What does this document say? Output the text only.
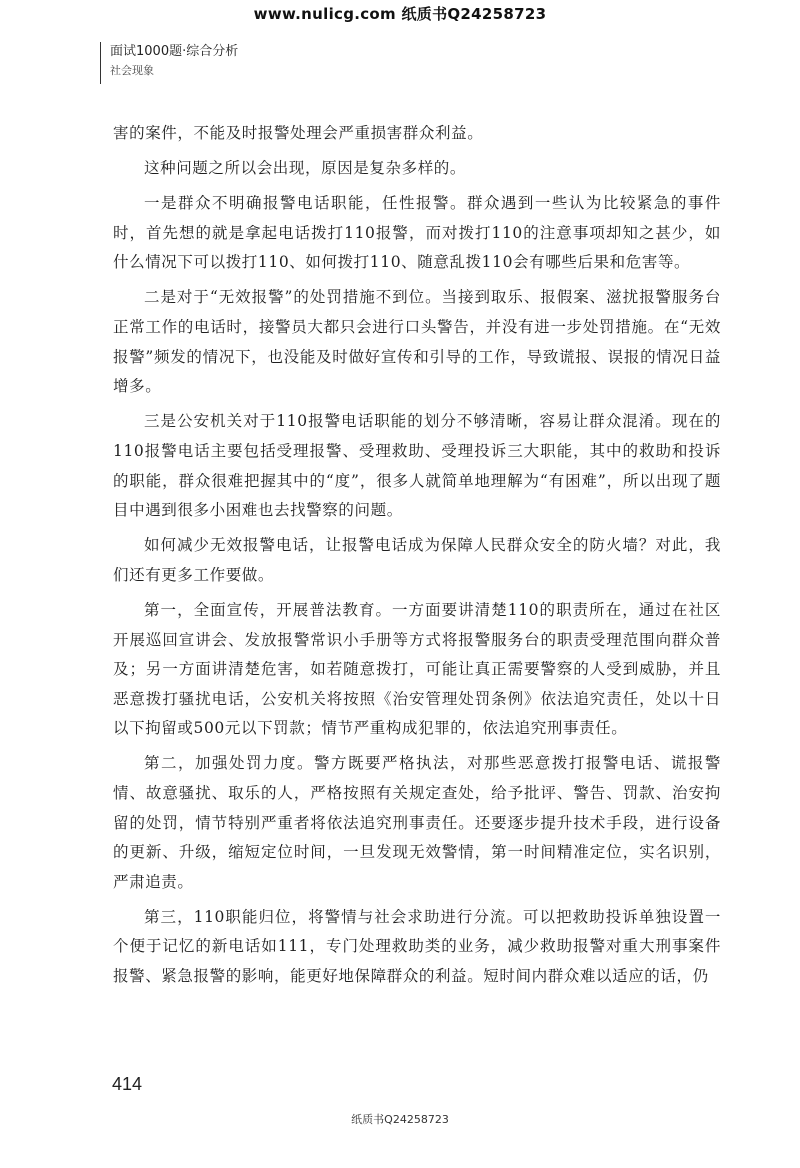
www.nulicg.com 纸质书Q24258723
面试1000题·综合分析
社会现象

害的案件，不能及时报警处理会严重损害群众利益。

这种问题之所以会出现，原因是复杂多样的。

一是群众不明确报警电话职能，任性报警。群众遇到一些认为比较紧急的事件时，首先想的就是拿起电话拨打110报警，而对拨打110的注意事项却知之甚少，如什么情况下可以拨打110、如何拨打110、随意乱拨110会有哪些后果和危害等。

二是对于“无效报警”的处罚措施不到位。当接到取乐、报假案、滋扰报警服务台正常工作的电话时，接警员大都只会进行口头警告，并没有进一步处罚措施。在“无效报警”频发的情况下，也没能及时做好宣传和引导的工作，导致谎报、误报的情况日益增多。

三是公安机关对于110报警电话职能的划分不够清晰，容易让群众混淆。现在的110报警电话主要包括受理报警、受理救助、受理投诉三大职能，其中的救助和投诉的职能，群众很难把握其中的“度”，很多人就简单地理解为“有困难”，所以出现了题目中遇到很多小困难也去找警察的问题。

如何减少无效报警电话，让报警电话成为保障人民群众安全的防火墙？对此，我们还有更多工作要做。

第一，全面宣传，开展普法教育。一方面要讲清楚110的职责所在，通过在社区开展巡回宣讲会、发放报警常识小手册等方式将报警服务台的职责受理范围向群众普及；另一方面讲清楚危害，如若随意拨打，可能让真正需要警察的人受到威胁，并且恶意拨打骚扰电话，公安机关将按照《治安管理处罚条例》依法追究责任，处以十日以下拘留或500元以下罚款；情节严重构成犯罪的，依法追究刑事责任。

第二，加强处罚力度。警方既要严格执法，对那些恶意拨打报警电话、谎报警情、故意骚扰、取乐的人，严格按照有关规定查处，给予批评、警告、罚款、治安拘留的处罚，情节特别严重者将依法追究刑事责任。还要逐步提升技术手段，进行设备的更新、升级，缩短定位时间，一旦发现无效警情，第一时间精准定位，实名识别，严肃追责。

第三，110职能归位，将警情与社会求助进行分流。可以把救助投诉单独设置一个便于记忆的新电话如111，专门处理救助类的业务，减少救助报警对重大刑事案件报警、紧急报警的影响，能更好地保障群众的利益。短时间内群众难以适应的话，仍

414
纸质书Q24258723
